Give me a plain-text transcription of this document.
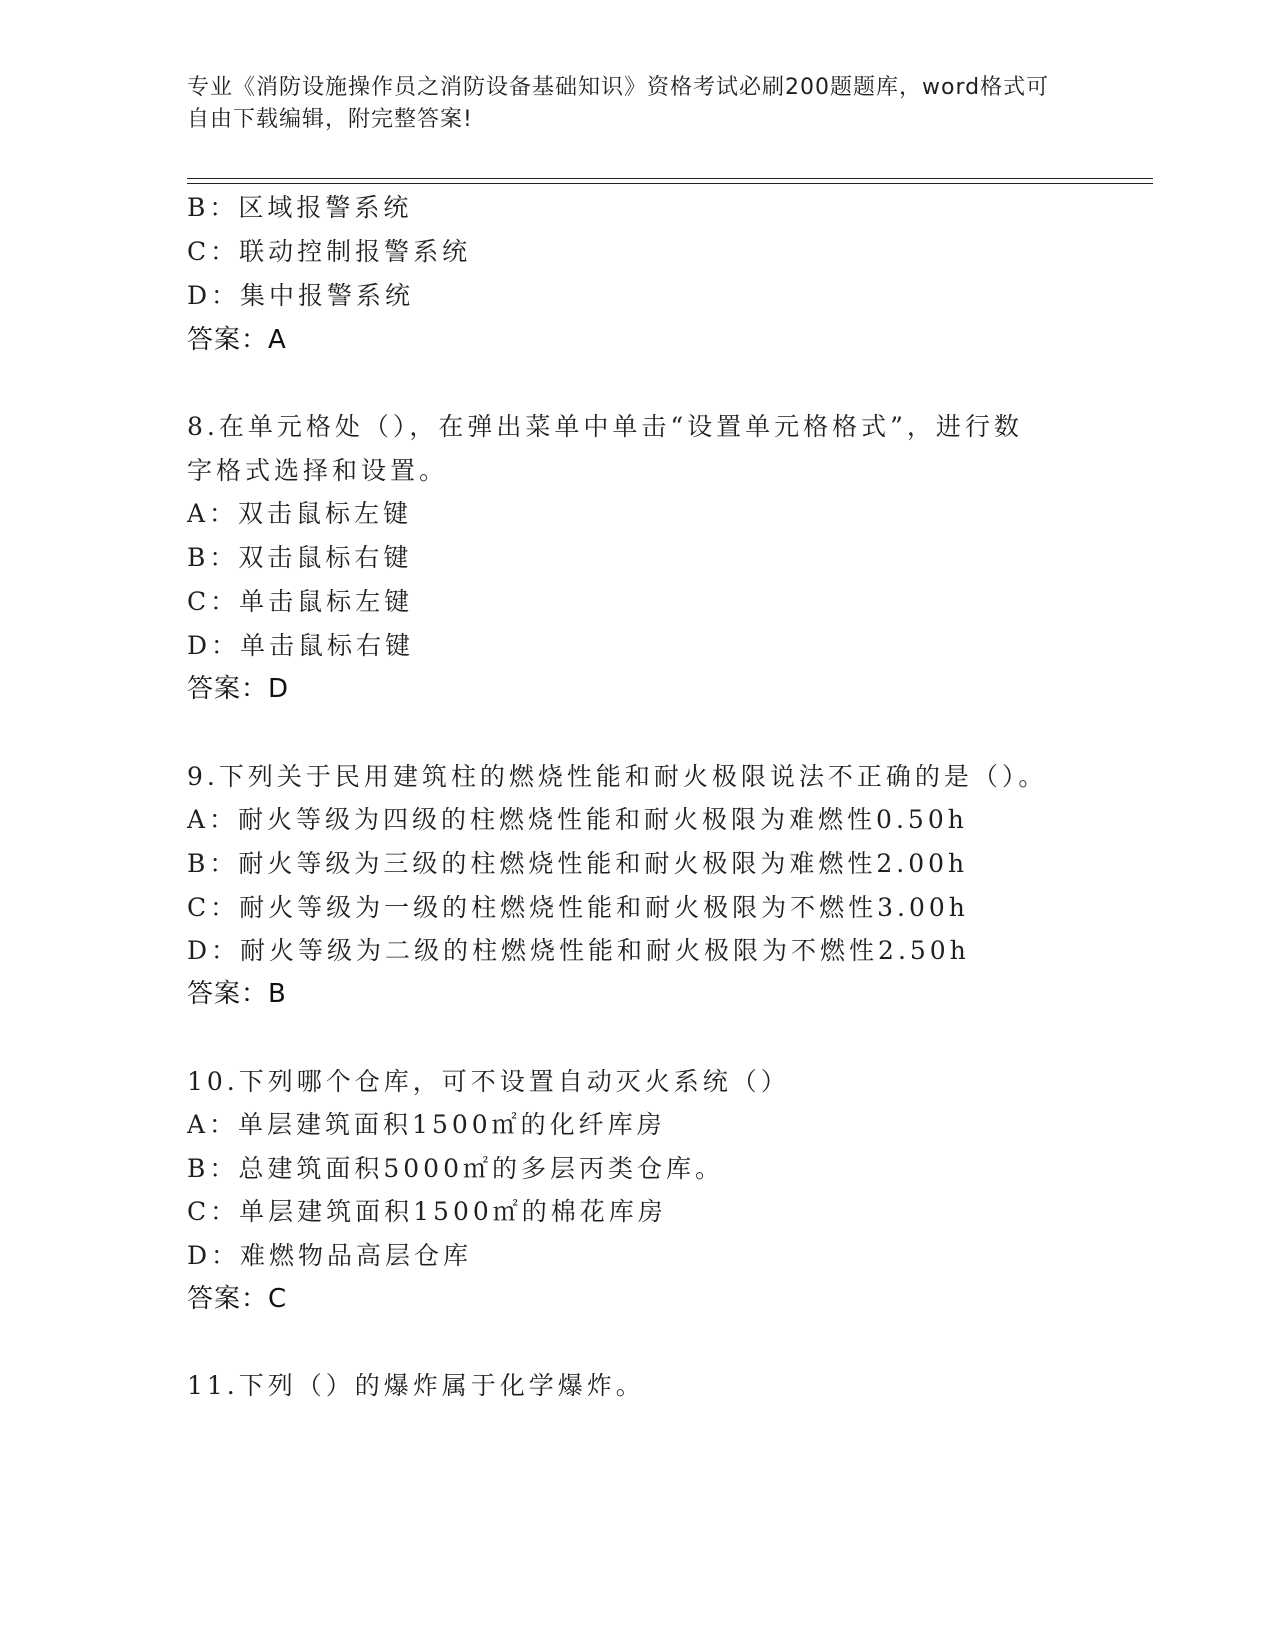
专业《消防设施操作员之消防设备基础知识》资格考试必刷200题题库，word格式可自由下载编辑，附完整答案!
B：区域报警系统
C：联动控制报警系统
D：集中报警系统
答案：A
8.在单元格处（），在弹出菜单中单击“设置单元格格式”，进行数
字格式选择和设置。
A：双击鼠标左键
B：双击鼠标右键
C：单击鼠标左键
D：单击鼠标右键
答案：D
9.下列关于民用建筑柱的燃烧性能和耐火极限说法不正确的是（）。
A：耐火等级为四级的柱燃烧性能和耐火极限为难燃性0.50h
B：耐火等级为三级的柱燃烧性能和耐火极限为难燃性2.00h
C：耐火等级为一级的柱燃烧性能和耐火极限为不燃性3.00h
D：耐火等级为二级的柱燃烧性能和耐火极限为不燃性2.50h
答案：B
10.下列哪个仓库，可不设置自动灭火系统（）
A：单层建筑面积1500㎡的化纤库房
B：总建筑面积5000㎡的多层丙类仓库。
C：单层建筑面积1500㎡的棉花库房
D：难燃物品高层仓库
答案：C
11.下列（）的爆炸属于化学爆炸。
